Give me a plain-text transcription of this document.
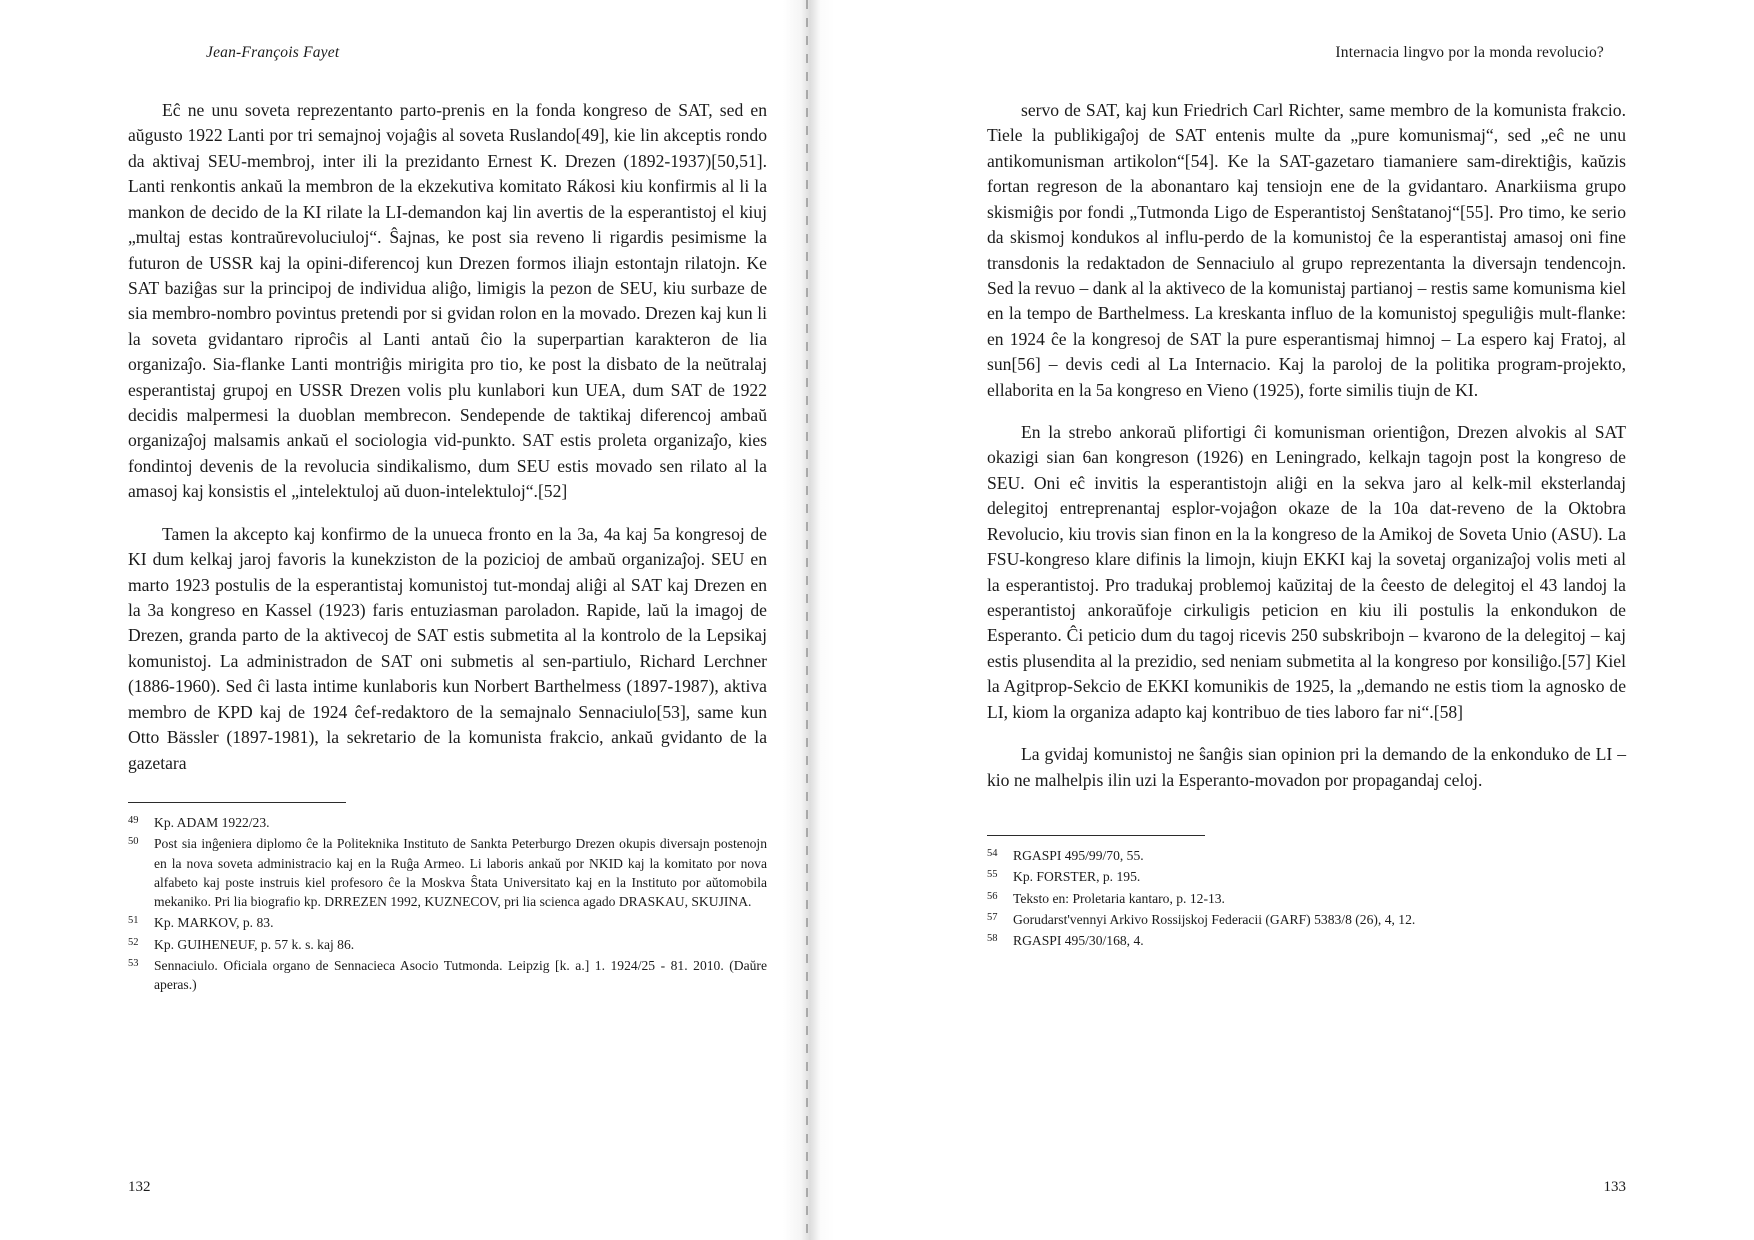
Jean-François Fayet

Eĉ ne unu soveta reprezentanto parto-prenis en la fonda kongreso de SAT, sed en aŭgusto 1922 Lanti por tri semajnoj vojaĝis al soveta Ruslando[49], kie lin akceptis rondo da aktivaj SEU-membroj, inter ili la prezidanto Ernest K. Drezen (1892-1937)[50,51]. Lanti renkontis ankaŭ la membron de la ekzekutiva komitato Rákosi kiu konfirmis al li la mankon de decido de la KI rilate la LI-demandon kaj lin avertis de la esperantistoj el kiuj „multaj estas kontraŭrevoluciuloj“. Ŝajnas, ke post sia reveno li rigardis pesimisme la futuron de USSR kaj la opini-diferencoj kun Drezen formos iliajn estontajn rilatojn. Ke SAT baziĝas sur la principoj de individua aliĝo, limigis la pezon de SEU, kiu surbaze de sia membro-nombro povintus pretendi por si gvidan rolon en la movado. Drezen kaj kun li la soveta gvidantaro riproĉis al Lanti antaŭ ĉio la superpartian karakteron de lia organizaĵo. Sia-flanke Lanti montriĝis mirigita pro tio, ke post la disbato de la neŭtralaj esperantistaj grupoj en USSR Drezen volis plu kunlabori kun UEA, dum SAT de 1922 decidis malpermesi la duoblan membrecon. Sendepende de taktikaj diferencoj ambaŭ organizaĵoj malsamis ankaŭ el sociologia vid-punkto. SAT estis proleta organizaĵo, kies fondintoj devenis de la revolucia sindikalismo, dum SEU estis movado sen rilato al la amasoj kaj konsistis el „intelektuloj aŭ duon-intelektuloj“.[52]

Tamen la akcepto kaj konfirmo de la unueca fronto en la 3a, 4a kaj 5a kongresoj de KI dum kelkaj jaroj favoris la kunekziston de la pozicioj de ambaŭ organizaĵoj. SEU en marto 1923 postulis de la esperantistaj komunistoj tut-mondaj aliĝi al SAT kaj Drezen en la 3a kongreso en Kassel (1923) faris entuziasman paroladon. Rapide, laŭ la imagoj de Drezen, granda parto de la aktivecoj de SAT estis submetita al la kontrolo de la Lepsikaj komunistoj. La administradon de SAT oni submetis al sen-partiulo, Richard Lerchner (1886-1960). Sed ĉi lasta intime kunlaboris kun Norbert Barthelmess (1897-1987), aktiva membro de KPD kaj de 1924 ĉef-redaktoro de la semajnalo Sennaciulo[53], same kun Otto Bässler (1897-1981), la sekretario de la komunista frakcio, ankaŭ gvidanto de la gazetara

49	Kp. ADAM 1922/23.
50	Post sia inĝeniera diplomo ĉe la Politeknika Instituto de Sankta Peterburgo Drezen okupis diversajn postenojn en la nova soveta administracio kaj en la Ruĝa Armeo. Li laboris ankaŭ por NKID kaj la komitato por nova alfabeto kaj poste instruis kiel profesoro ĉe la Moskva Ŝtata Universitato kaj en la Instituto por aŭtomobila mekaniko. Pri lia biografio kp. DRREZEN 1992, KUZNECOV, pri lia scienca agado DRASKAU, SKUJINA.
51	Kp. MARKOV, p. 83.
52	Kp. GUIHENEUF, p. 57 k. s. kaj 86.
53	Sennaciulo. Oficiala organo de Sennacieca Asocio Tutmonda. Leipzig [k. a.] 1. 1924/25 - 81. 2010. (Daŭre aperas.)
132
Internacia lingvo por la monda revolucio?

servo de SAT, kaj kun Friedrich Carl Richter, same membro de la komunista frakcio. Tiele la publikigaĵoj de SAT entenis multe da „pure komunismaj“, sed „eĉ ne unu antikomunisman artikolon“[54]. Ke la SAT-gazetaro tiamaniere sam-direktiĝis, kaŭzis fortan regreson de la abonantaro kaj tensiojn ene de la gvidantaro. Anarkiisma grupo skismiĝis por fondi „Tutmonda Ligo de Esperantistoj Senŝtatanoj“[55]. Pro timo, ke serio da skismoj kondukos al influ-perdo de la komunistoj ĉe la esperantistaj amasoj oni fine transdonis la redaktadon de Sennaciulo al grupo reprezentanta la diversajn tendencojn. Sed la revuo – dank al la aktiveco de la komunistaj partianoj – restis same komunisma kiel en la tempo de Barthelmess. La kreskanta influo de la komunistoj speguliĝis mult-flanke: en 1924 ĉe la kongresoj de SAT la pure esperantismaj himnoj – La espero kaj Fratoj, al sun[56] – devis cedi al La Internacio. Kaj la paroloj de la politika program-projekto, ellaborita en la 5a kongreso en Vieno (1925), forte similis tiujn de KI.

En la strebo ankoraŭ plifortigi ĉi komunisman orientiĝon, Drezen alvokis al SAT okazigi sian 6an kongreson (1926) en Leningrado, kelkajn tagojn post la kongreso de SEU. Oni eĉ invitis la esperantistojn aliĝi en la sekva jaro al kelk-mil eksterlandaj delegitoj entreprenantaj esplor-vojaĝon okaze de la 10a dat-reveno de la Oktobra Revolucio, kiu trovis sian finon en la la kongreso de la Amikoj de Soveta Unio (ASU). La FSU-kongreso klare difinis la limojn, kiujn EKKI kaj la sovetaj organizaĵoj volis meti al la esperantistoj. Pro tradukaj problemoj kaŭzitaj de la ĉeesto de delegitoj el 43 landoj la esperantistoj ankoraŭfoje cirkuligis peticion en kiu ili postulis la enkondukon de Esperanto. Ĉi peticio dum du tagoj ricevis 250 subskribojn – kvarono de la delegitoj – kaj estis plusendita al la prezidio, sed neniam submetita al la kongreso por konsiliĝo.[57] Kiel la Agitprop-Sekcio de EKKI komunikis de 1925, la „demando ne estis tiom la agnosko de LI, kiom la organiza adapto kaj kontribuo de ties laboro far ni“.[58]

La gvidaj komunistoj ne ŝanĝis sian opinion pri la demando de la enkonduko de LI – kio ne malhelpis ilin uzi la Esperanto-movadon por propagandaj celoj.

54	RGASPI 495/99/70, 55.
55	Kp. FORSTER, p. 195.
56	Teksto en: Proletaria kantaro, p. 12-13.
57	Gorudarst'vennyi Arkivo Rossijskoj Federacii (GARF) 5383/8 (26), 4, 12.
58	RGASPI 495/30/168, 4.
133
